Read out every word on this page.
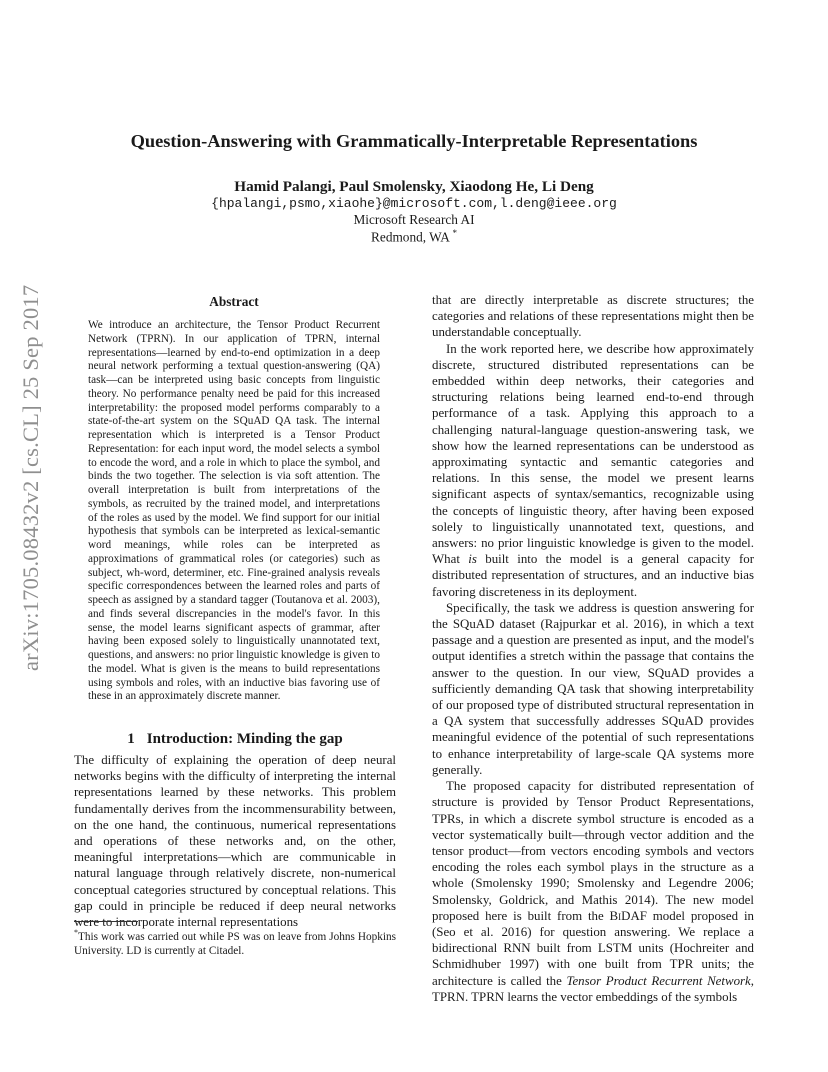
arXiv:1705.08432v2 [cs.CL] 25 Sep 2017
Question-Answering with Grammatically-Interpretable Representations
Hamid Palangi, Paul Smolensky, Xiaodong He, Li Deng
{hpalangi,psmo,xiaohe}@microsoft.com,l.deng@ieee.org
Microsoft Research AI
Redmond, WA *
Abstract

We introduce an architecture, the Tensor Product Recurrent Network (TPRN). In our application of TPRN, internal representations—learned by end-to-end optimization in a deep neural network performing a textual question-answering (QA) task—can be interpreted using basic concepts from linguistic theory. No performance penalty need be paid for this increased interpretability: the proposed model performs comparably to a state-of-the-art system on the SQuAD QA task. The internal representation which is interpreted is a Tensor Product Representation: for each input word, the model selects a symbol to encode the word, and a role in which to place the symbol, and binds the two together. The selection is via soft attention. The overall interpretation is built from interpretations of the symbols, as recruited by the trained model, and interpretations of the roles as used by the model. We find support for our initial hypothesis that symbols can be interpreted as lexical-semantic word meanings, while roles can be interpreted as approximations of grammatical roles (or categories) such as subject, wh-word, determiner, etc. Fine-grained analysis reveals specific correspondences between the learned roles and parts of speech as assigned by a standard tagger (Toutanova et al. 2003), and finds several discrepancies in the model's favor. In this sense, the model learns significant aspects of grammar, after having been exposed solely to linguistically unannotated text, questions, and answers: no prior linguistic knowledge is given to the model. What is given is the means to build representations using symbols and roles, with an inductive bias favoring use of these in an approximately discrete manner.

1 Introduction: Minding the gap

The difficulty of explaining the operation of deep neural networks begins with the difficulty of interpreting the internal representations learned by these networks. This problem fundamentally derives from the incommensurability between, on the one hand, the continuous, numerical representations and operations of these networks and, on the other, meaningful interpretations—which are communicable in natural language through relatively discrete, non-numerical conceptual categories structured by conceptual relations. This gap could in principle be reduced if deep neural networks were to incorporate internal representations

*This work was carried out while PS was on leave from Johns Hopkins University. LD is currently at Citadel.

that are directly interpretable as discrete structures; the categories and relations of these representations might then be understandable conceptually.

In the work reported here, we describe how approximately discrete, structured distributed representations can be embedded within deep networks, their categories and structuring relations being learned end-to-end through performance of a task. Applying this approach to a challenging natural-language question-answering task, we show how the learned representations can be understood as approximating syntactic and semantic categories and relations. In this sense, the model we present learns significant aspects of syntax/semantics, recognizable using the concepts of linguistic theory, after having been exposed solely to linguistically unannotated text, questions, and answers: no prior linguistic knowledge is given to the model. What is built into the model is a general capacity for distributed representation of structures, and an inductive bias favoring discreteness in its deployment.

Specifically, the task we address is question answering for the SQuAD dataset (Rajpurkar et al. 2016), in which a text passage and a question are presented as input, and the model's output identifies a stretch within the passage that contains the answer to the question. In our view, SQuAD provides a sufficiently demanding QA task that showing interpretability of our proposed type of distributed structural representation in a QA system that successfully addresses SQuAD provides meaningful evidence of the potential of such representations to enhance interpretability of large-scale QA systems more generally.

The proposed capacity for distributed representation of structure is provided by Tensor Product Representations, TPRs, in which a discrete symbol structure is encoded as a vector systematically built—through vector addition and the tensor product—from vectors encoding symbols and vectors encoding the roles each symbol plays in the structure as a whole (Smolensky 1990; Smolensky and Legendre 2006; Smolensky, Goldrick, and Mathis 2014). The new model proposed here is built from the BiDAF model proposed in (Seo et al. 2016) for question answering. We replace a bidirectional RNN built from LSTM units (Hochreiter and Schmidhuber 1997) with one built from TPR units; the architecture is called the Tensor Product Recurrent Network, TPRN. TPRN learns the vector embeddings of the symbols
